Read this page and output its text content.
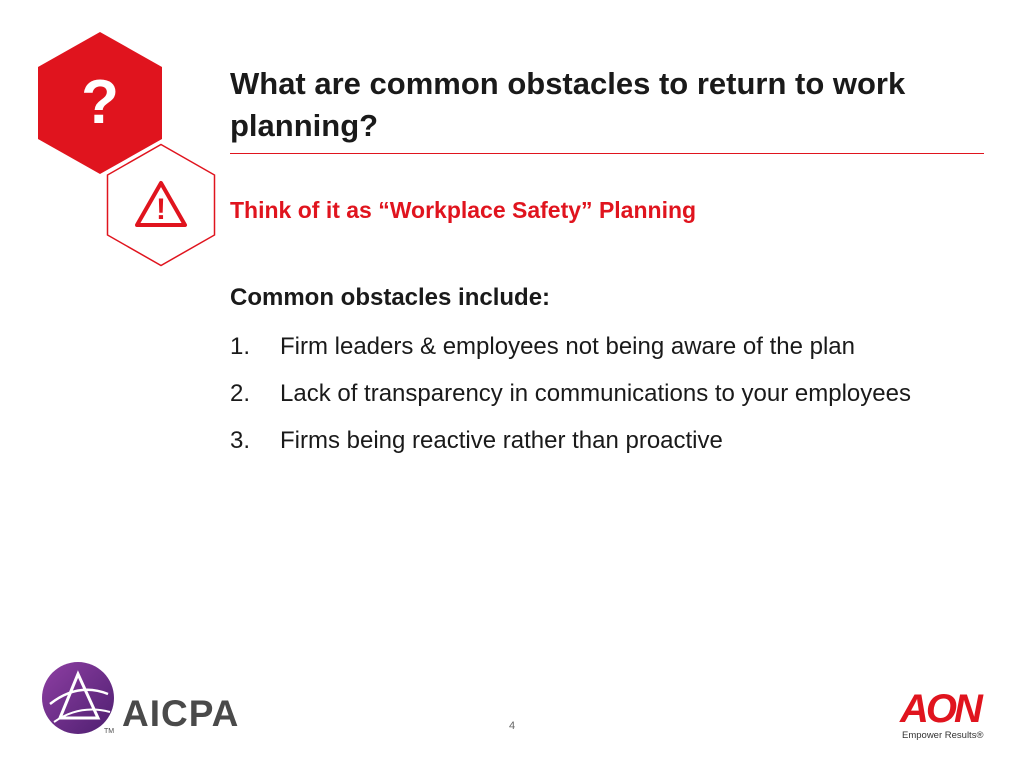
?
!
What are common obstacles to return to work planning?
Think of it as “Workplace Safety” Planning

Common obstacles include:

1.	Firm leaders & employees not being aware of the plan
2.	Lack of transparency in communications to your employees
3.	Firms being reactive rather than proactive
AICPA
TM	4	AON
Empower Results®
